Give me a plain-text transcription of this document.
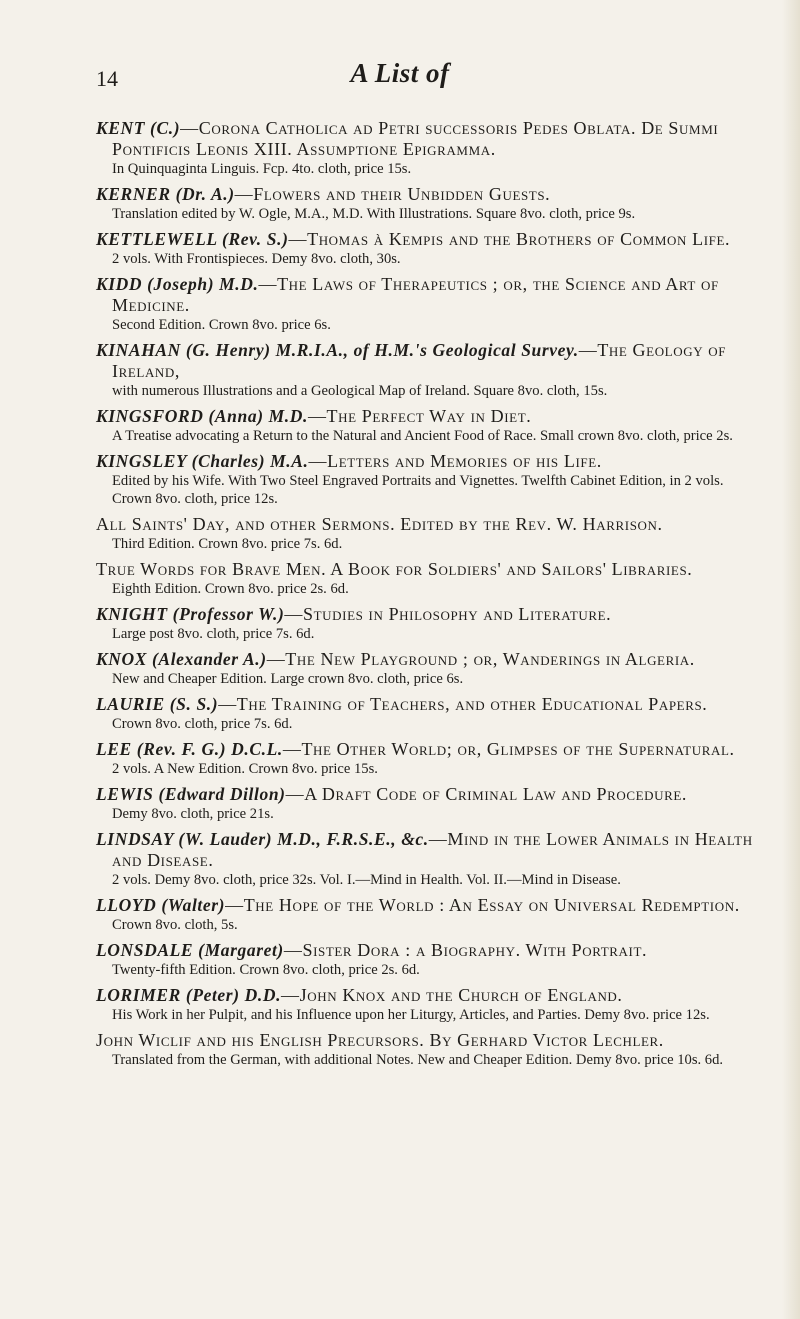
14	A List of

KENT (C.)—Corona Catholica ad Petri successoris Pedes Oblata. De Summi Pontificis Leonis XIII. Assumptione Epigramma.

In Quinquaginta Linguis. Fcp. 4to. cloth, price 15s.

KERNER (Dr. A.)—Flowers and their Unbidden Guests.

Translation edited by W. Ogle, M.A., M.D. With Illustrations. Square 8vo. cloth, price 9s.

KETTLEWELL (Rev. S.)—Thomas à Kempis and the Brothers of Common Life.

2 vols. With Frontispieces. Demy 8vo. cloth, 30s.

KIDD (Joseph) M.D.—The Laws of Therapeutics ; or, the Science and Art of Medicine.

Second Edition. Crown 8vo. price 6s.

KINAHAN (G. Henry) M.R.I.A., of H.M.'s Geological Survey.—The Geology of Ireland,

with numerous Illustrations and a Geological Map of Ireland. Square 8vo. cloth, 15s.

KINGSFORD (Anna) M.D.—The Perfect Way in Diet.

A Treatise advocating a Return to the Natural and Ancient Food of Race. Small crown 8vo. cloth, price 2s.

KINGSLEY (Charles) M.A.—Letters and Memories of his Life.

Edited by his Wife. With Two Steel Engraved Portraits and Vignettes. Twelfth Cabinet Edition, in 2 vols. Crown 8vo. cloth, price 12s.

All Saints' Day, and other Sermons. Edited by the Rev. W. Harrison.

Third Edition. Crown 8vo. price 7s. 6d.

True Words for Brave Men. A Book for Soldiers' and Sailors' Libraries.

Eighth Edition. Crown 8vo. price 2s. 6d.

KNIGHT (Professor W.)—Studies in Philosophy and Literature.

Large post 8vo. cloth, price 7s. 6d.

KNOX (Alexander A.)—The New Playground ; or, Wanderings in Algeria.

New and Cheaper Edition. Large crown 8vo. cloth, price 6s.

LAURIE (S. S.)—The Training of Teachers, and other Educational Papers.

Crown 8vo. cloth, price 7s. 6d.

LEE (Rev. F. G.) D.C.L.—The Other World; or, Glimpses of the Supernatural.

2 vols. A New Edition. Crown 8vo. price 15s.

LEWIS (Edward Dillon)—A Draft Code of Criminal Law and Procedure.

Demy 8vo. cloth, price 21s.

LINDSAY (W. Lauder) M.D., F.R.S.E., &c.—Mind in the Lower Animals in Health and Disease.

2 vols. Demy 8vo. cloth, price 32s. Vol. I.—Mind in Health. Vol. II.—Mind in Disease.

LLOYD (Walter)—The Hope of the World : An Essay on Universal Redemption.

Crown 8vo. cloth, 5s.

LONSDALE (Margaret)—Sister Dora : a Biography. With Portrait.

Twenty-fifth Edition. Crown 8vo. cloth, price 2s. 6d.

LORIMER (Peter) D.D.—John Knox and the Church of England.

His Work in her Pulpit, and his Influence upon her Liturgy, Articles, and Parties. Demy 8vo. price 12s.

John Wiclif and his English Precursors. By Gerhard Victor Lechler.

Translated from the German, with additional Notes. New and Cheaper Edition. Demy 8vo. price 10s. 6d.
